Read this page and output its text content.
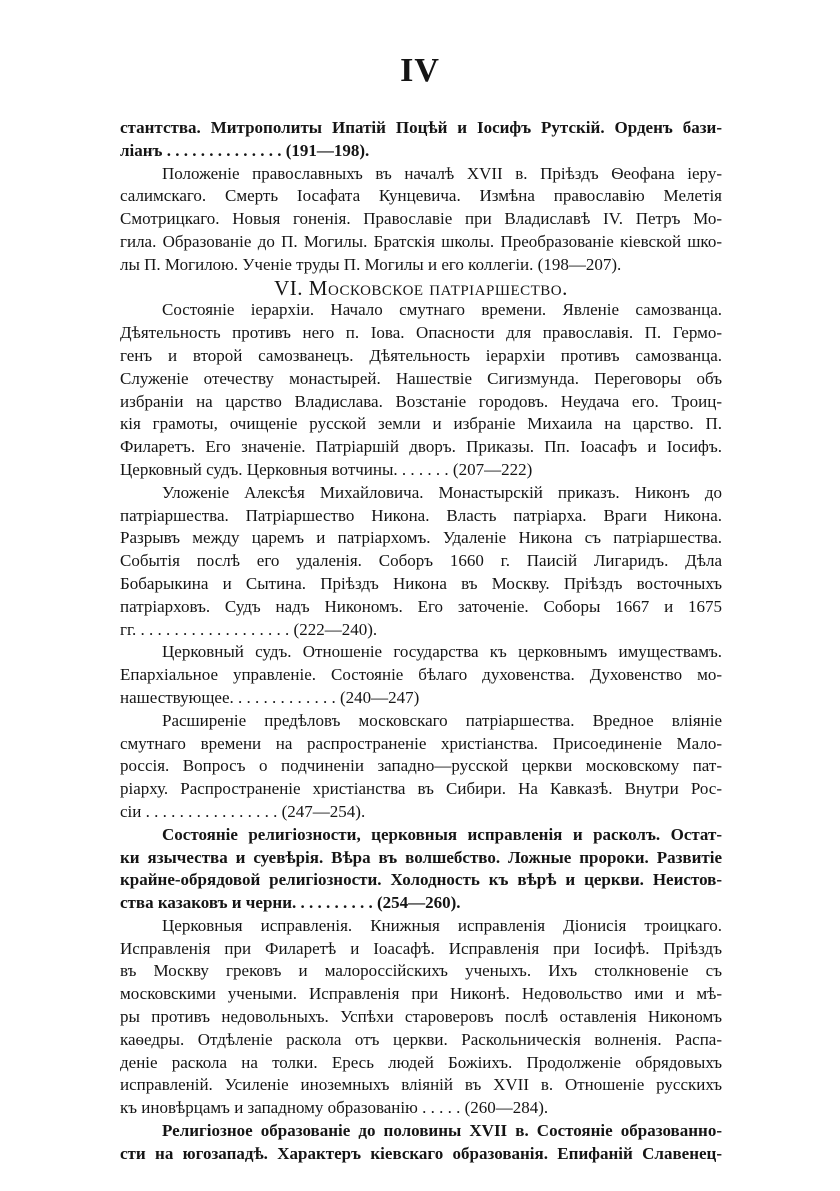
IV
стантства. Митрополиты Ипатій Поцѣй и Іосифъ Рутскій. Орденъ бази-
ліанъ . . . . . . . . . . . . . . (191—198).
Положеніе православныхъ въ началѣ XVII в. Пріѣздъ Ѳеофана іеру-
салимскаго. Смерть Іосафата Кунцевича. Измѣна православію Мелетія
Смотрицкаго. Новыя гоненія. Православіе при Владиславѣ IV. Петръ Мо-
гила. Образованіе до П. Могилы. Братскія школы. Преобразованіе кіевской шко-
лы П. Могилою. Ученіе труды П. Могилы и его коллегіи. (198—207).
VI. Московское патріаршество.
Состояніе іерархіи. Начало смутнаго времени. Явленіе самозванца.
Дѣятельность противъ него п. Іова. Опасности для православія. П. Гермо-
генъ и второй самозванецъ. Дѣятельность іерархіи противъ самозванца.
Служеніе отечеству монастырей. Нашествіе Сигизмунда. Переговоры объ
избраніи на царство Владислава. Возстаніе городовъ. Неудача его. Троиц-
кія грамоты, очищеніе русской земли и избраніе Михаила на царство. П.
Филаретъ. Его значеніе. Патріаршій дворъ. Приказы. Пп. Іоасафъ и Іосифъ.
Церковный судъ. Церковныя вотчины. . . . . . . (207—222)
Уложеніе Алексѣя Михайловича. Монастырскій приказъ. Никонъ до
патріаршества. Патріаршество Никона. Власть патріарха. Враги Никона.
Разрывъ между царемъ и патріархомъ. Удаленіе Никона съ патріаршества.
Событія послѣ его удаленія. Соборъ 1660 г. Паисій Лигаридъ. Дѣла
Бобарыкина и Сытина. Пріѣздъ Никона въ Москву. Пріѣздъ восточныхъ
патріарховъ. Судъ надъ Никономъ. Его заточеніе. Соборы 1667 и 1675
гг. . . . . . . . . . . . . . . . . . . (222—240).
Церковный судъ. Отношеніе государства къ церковнымъ имуществамъ.
Епархіальное управленіе. Состояніе бѣлаго духовенства. Духовенство мо-
нашествующее. . . . . . . . . . . . . (240—247)
Расширеніе предѣловъ московскаго патріаршества. Вредное вліяніе
смутнаго времени на распространеніе христіанства. Присоединеніе Мало-
россія. Вопросъ о подчиненіи западно—русской церкви московскому пат-
ріарху. Распространеніе христіанства въ Сибири. На Кавказѣ. Внутри Рос-
сіи . . . . . . . . . . . . . . . . (247—254).
Состояніе религіозности, церковныя исправленія и расколъ. Остат-
ки язычества и суевѣрія. Вѣра въ волшебство. Ложные пророки. Развитіе
крайне-обрядовой религіозности. Холодность къ вѣрѣ и церкви. Неистов-
ства казаковъ и черни. . . . . . . . . . (254—260).
Церковныя исправленія. Книжныя исправленія Діонисія троицкаго.
Исправленія при Филаретѣ и Іоасафѣ. Исправленія при Іосифѣ. Пріѣздъ
въ Москву грековъ и малороссійскихъ ученыхъ. Ихъ столкновеніе съ
московскими учеными. Исправленія при Никонѣ. Недовольство ими и мѣ-
ры противъ недовольныхъ. Успѣхи староверовъ послѣ оставленія Никономъ
каѳедры. Отдѣленіе раскола отъ церкви. Раскольническія волненія. Распа-
деніе раскола на толки. Ересь людей Божіихъ. Продолженіе обрядовыхъ
исправленій. Усиленіе иноземныхъ вліяній въ XVII в. Отношеніе русскихъ
къ иновѣрцамъ и западному образованію . . . . . (260—284).
Религіозное образованіе до половины XVII в. Состояніе образованно-
сти на югозападѣ. Характеръ кіевскаго образованія. Епифаній Славенец-
